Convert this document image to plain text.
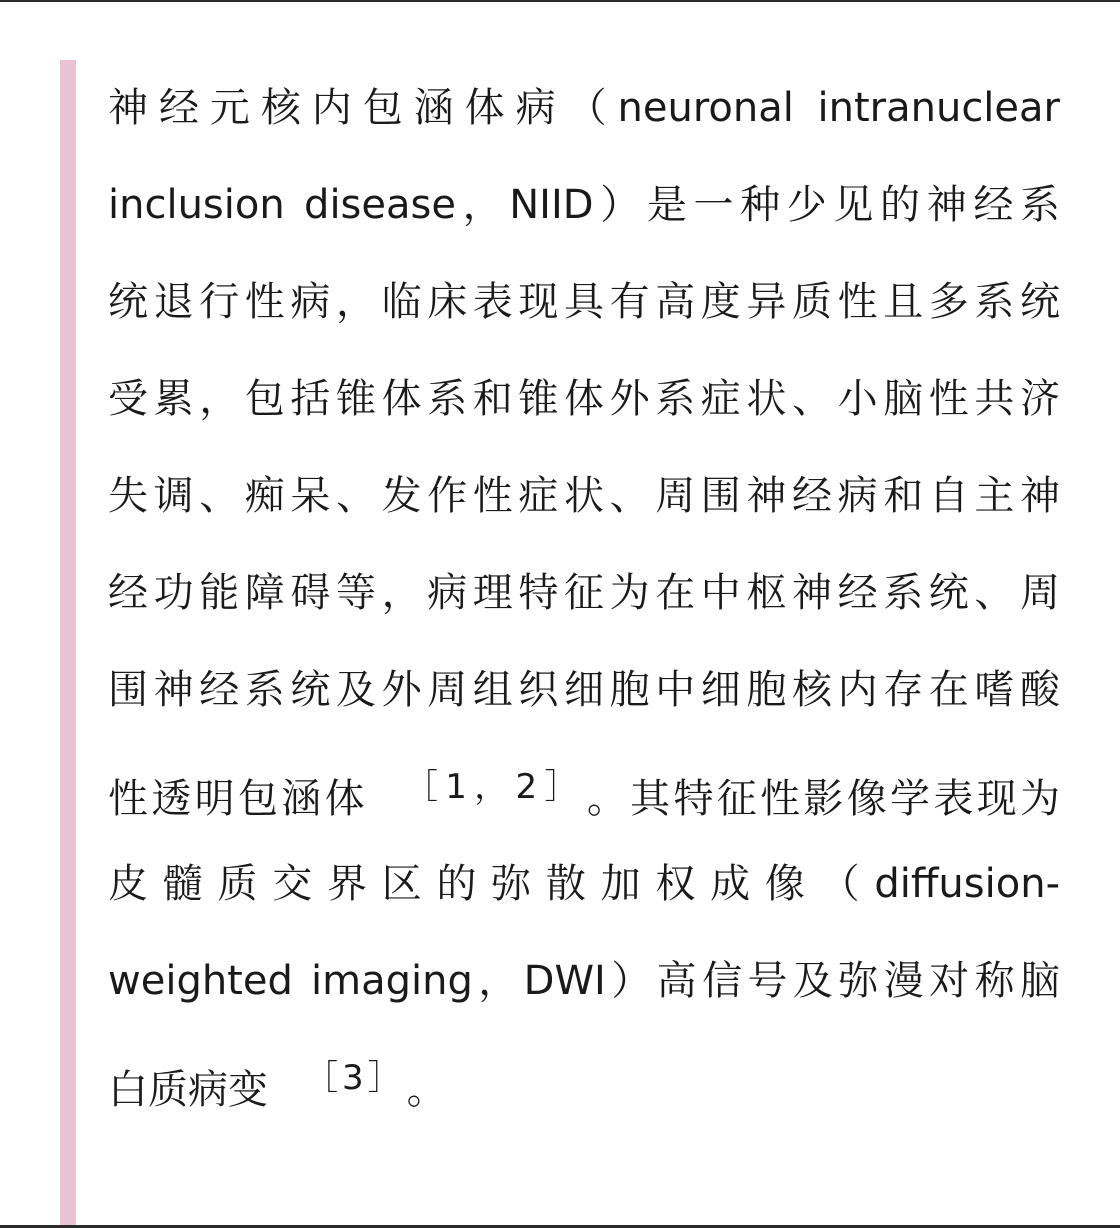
神经元核内包涵体病（neuronal intranuclear
inclusion disease，NIID）是一种少见的神经系
统退行性病，临床表现具有高度异质性且多系统
受累，包括锥体系和锥体外系症状、小脑性共济
失调、痴呆、发作性症状、周围神经病和自主神
经功能障碍等，病理特征为在中枢神经系统、周
围神经系统及外周组织细胞中细胞核内存在嗜酸
性透明包涵体 $^{[1,2]}$ 。其特征性影像学表现为
皮髓质交界区的弥散加权成像（diffusion-
weighted imaging，DWI）高信号及弥漫对称脑
白质病变 $^{[3]}$ 。
